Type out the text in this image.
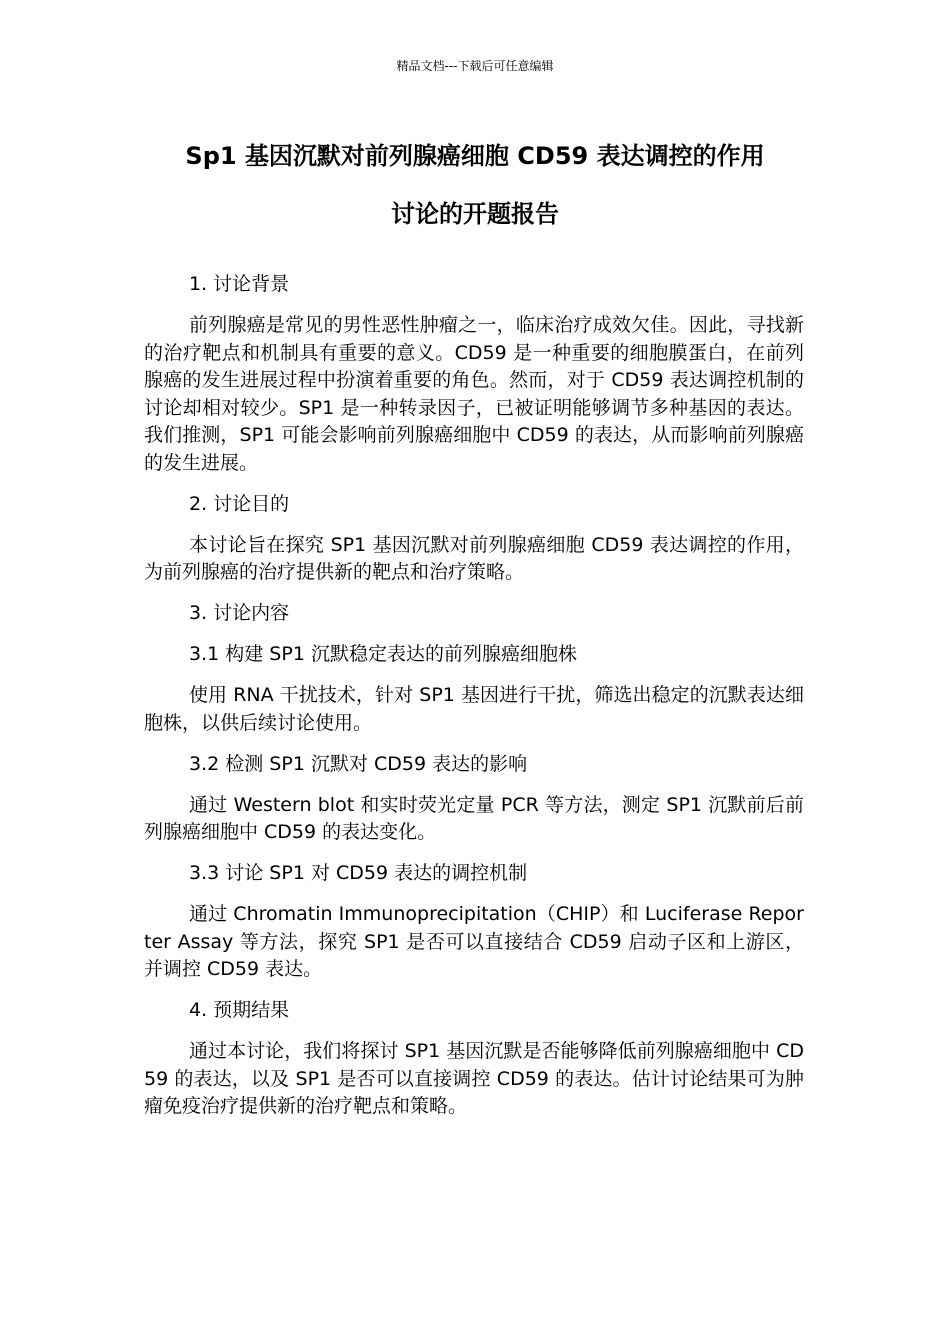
精品文档---下载后可任意编辑
Sp1 基因沉默对前列腺癌细胞 CD59 表达调控的作用
讨论的开题报告
1. 讨论背景

前列腺癌是常见的男性恶性肿瘤之一，临床治疗成效欠佳。因此，寻找新的治疗靶点和机制具有重要的意义。CD59 是一种重要的细胞膜蛋白，在前列腺癌的发生进展过程中扮演着重要的角色。然而，对于 CD59 表达调控机制的讨论却相对较少。SP1 是一种转录因子，已被证明能够调节多种基因的表达。我们推测，SP1 可能会影响前列腺癌细胞中 CD59 的表达，从而影响前列腺癌的发生进展。

2. 讨论目的

本讨论旨在探究 SP1 基因沉默对前列腺癌细胞 CD59 表达调控的作用，为前列腺癌的治疗提供新的靶点和治疗策略。

3. 讨论内容
3.1 构建 SP1 沉默稳定表达的前列腺癌细胞株

使用 RNA 干扰技术，针对 SP1 基因进行干扰，筛选出稳定的沉默表达细胞株，以供后续讨论使用。

3.2 检测 SP1 沉默对 CD59 表达的影响

通过 Western blot 和实时荧光定量 PCR 等方法，测定 SP1 沉默前后前列腺癌细胞中 CD59 的表达变化。

3.3 讨论 SP1 对 CD59 表达的调控机制

通过 Chromatin Immunoprecipitation（CHIP）和 Luciferase Reporter Assay 等方法，探究 SP1 是否可以直接结合 CD59 启动子区和上游区，并调控 CD59 表达。

4. 预期结果

通过本讨论，我们将探讨 SP1 基因沉默是否能够降低前列腺癌细胞中 CD59 的表达，以及 SP1 是否可以直接调控 CD59 的表达。估计讨论结果可为肿瘤免疫治疗提供新的治疗靶点和策略。
